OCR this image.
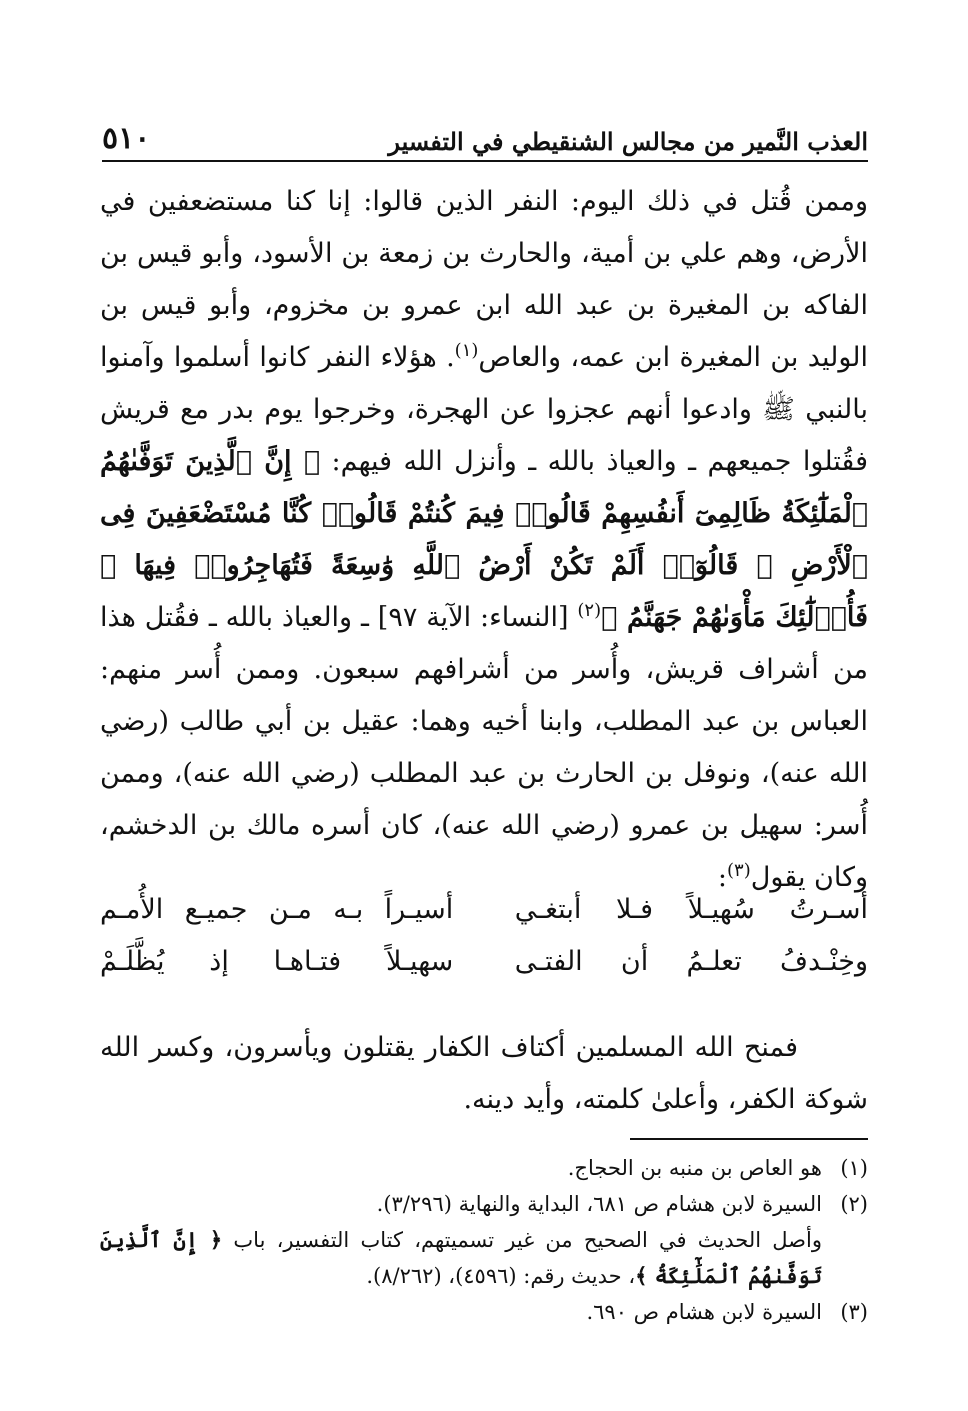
العذب النَّمير من مجالس الشنقيطي في التفسير
٥١٠

وممن قُتل في ذلك اليوم: النفر الذين قالوا: إنا كنا مستضعفين في الأرض، وهم علي بن أمية، والحارث بن زمعة بن الأسود، وأبو قيس بن الفاكه بن المغيرة بن عبد الله ابن عمرو بن مخزوم، وأبو قيس بن الوليد بن المغيرة ابن عمه، والعاص$^{(١)}$. هؤلاء النفر كانوا أسلموا وآمنوا بالنبي ﷺ وادعوا أنهم عجزوا عن الهجرة، وخرجوا يوم بدر مع قريش فقُتلوا جميعهم ـ والعياذ بالله ـ وأنزل الله فيهم: ﴿ إِنَّ ٱلَّذِينَ تَوَفَّىٰهُمُ ٱلْمَلَٰٓئِكَةُ ظَالِمِىٓ أَنفُسِهِمْ قَالُوا۟ فِيمَ كُنتُمْ قَالُوا۟ كُنَّا مُسْتَضْعَفِينَ فِى ٱلْأَرْضِ ۚ قَالُوٓا۟ أَلَمْ تَكُنْ أَرْضُ ٱللَّهِ وَٰسِعَةً فَتُهَاجِرُوا۟ فِيهَا ۚ فَأُو۟لَٰٓئِكَ مَأْوَىٰهُمْ جَهَنَّمُ ﴾$^{(٢)}$ [النساء: الآية ٩٧] ـ والعياذ بالله ـ فقُتل هذا من أشراف قريش، وأُسر من أشرافهم سبعون. وممن أُسر منهم: العباس بن عبد المطلب، وابنا أخيه وهما: عقيل بن أبي طالب (رضي الله عنه)، ونوفل بن الحارث بن عبد المطلب (رضي الله عنه)، وممن أُسر: سهيل بن عمرو (رضي الله عنه)، كان أسره مالك بن الدخشم، وكان يقول$^{(٣)}$:

أسـرتُ سُهيـلاً فـلا أبتغـي
أسيـراً بـه مـن جميـع الأُمـم
وخِنْـدفُ تعلـمُ أن الفتـى
سهيـلاً فتـاهـا إذ يُظَّلَـمْ

فمنح الله المسلمين أكتاف الكفار يقتلون ويأسرون، وكسر الله شوكة الكفر، وأعلىٰ كلمته، وأيد دينه.

(١)
هو العاص بن منبه بن الحجاج.
(٢)
السيرة لابن هشام ص ٦٨١، البداية والنهاية (٣/٢٩٦).
وأصل الحديث في الصحيح من غير تسميتهم، كتاب التفسير، باب ﴿ إِنَّ ٱلَّذِينَ تَوَفَّىٰهُمُ ٱلْمَلَٰٓئِكَةُ ﴾، حديث رقم: (٤٥٩٦)، (٨/٢٦٢).
(٣)
السيرة لابن هشام ص ٦٩٠.
